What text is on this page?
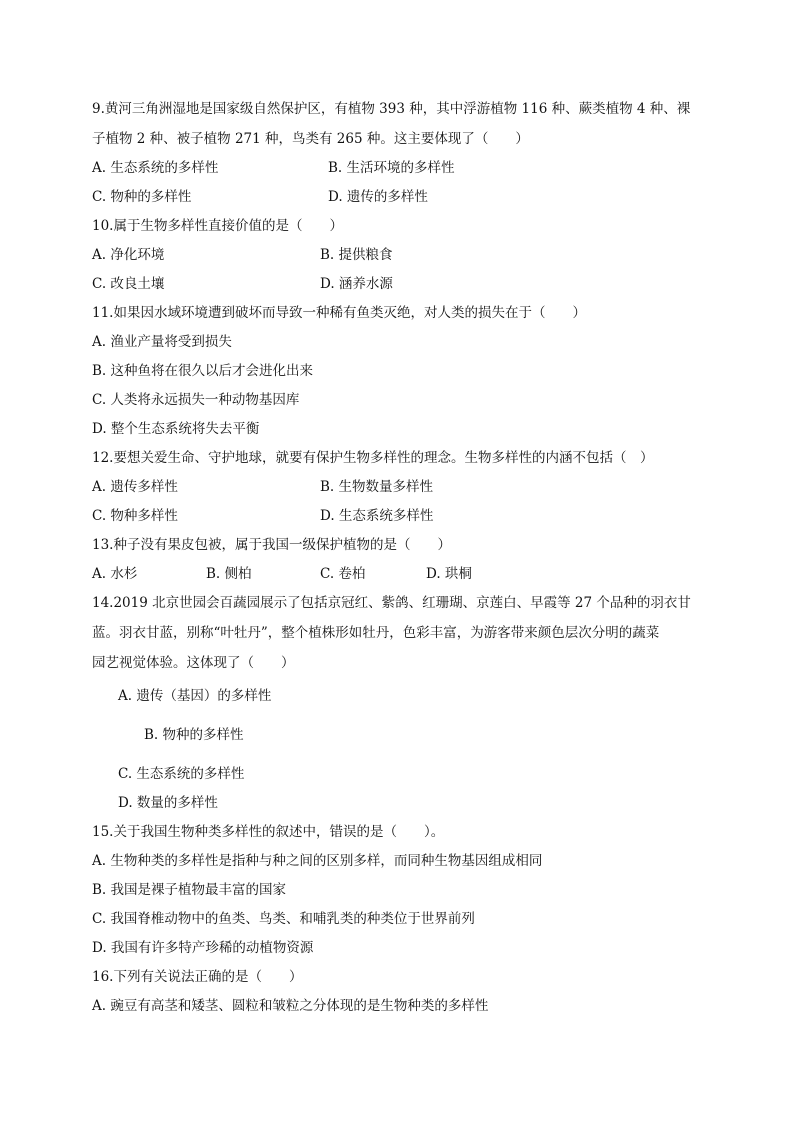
9.黄河三角洲湿地是国家级自然保护区，有植物 393 种，其中浮游植物 116 种、蕨类植物 4 种、裸
子植物 2 种、被子植物 271 种，鸟类有 265 种。这主要体现了（　　）
A. 生态系统的多样性	B. 生活环境的多样性
C. 物种的多样性	D. 遗传的多样性
10.属于生物多样性直接价值的是（　　）
A. 净化环境	B. 提供粮食
C. 改良土壤	D. 涵养水源
11.如果因水域环境遭到破坏而导致一种稀有鱼类灭绝，对人类的损失在于（　　）
A. 渔业产量将受到损失
B. 这种鱼将在很久以后才会进化出来
C. 人类将永远损失一种动物基因库
D. 整个生态系统将失去平衡
12.要想关爱生命、守护地球，就要有保护生物多样性的理念。生物多样性的内涵不包括（　）
A. 遗传多样性	B. 生物数量多样性
C. 物种多样性	D. 生态系统多样性
13.种子没有果皮包被，属于我国一级保护植物的是（　　）
A. 水杉	B. 侧柏	C. 卷柏	D. 珙桐
14.2019 北京世园会百蔬园展示了包括京冠红、紫鸽、红珊瑚、京莲白、早霞等 27 个品种的羽衣甘
蓝。羽衣甘蓝，别称“叶牡丹”，整个植株形如牡丹，色彩丰富，为游客带来颜色层次分明的蔬菜
园艺视觉体验。这体现了（　　）
A. 遗传（基因）的多样性
B. 物种的多样性
C. 生态系统的多样性
D. 数量的多样性
15.关于我国生物种类多样性的叙述中，错误的是（　　）。
A. 生物种类的多样性是指种与种之间的区别多样，而同种生物基因组成相同
B. 我国是裸子植物最丰富的国家
C. 我国脊椎动物中的鱼类、鸟类、和哺乳类的种类位于世界前列
D. 我国有许多特产珍稀的动植物资源
16.下列有关说法正确的是（　　）
A. 豌豆有高茎和矮茎、圆粒和皱粒之分体现的是生物种类的多样性
